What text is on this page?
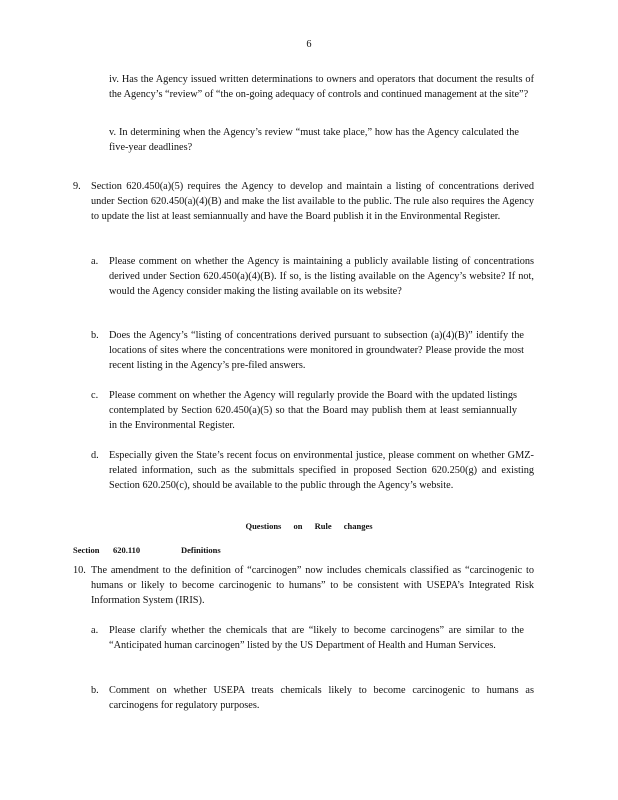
6

iv. Has the Agency issued written determinations to owners and operators that document the results of the Agency’s “review” of “the on-going adequacy of controls and continued management at the site”?

v. In determining when the Agency’s review “must take place,” how has the Agency calculated the five-year deadlines?

9. Section 620.450(a)(5) requires the Agency to develop and maintain a listing of concentrations derived under Section 620.450(a)(4)(B) and make the list available to the public. The rule also requires the Agency to update the list at least semiannually and have the Board publish it in the Environmental Register.

a. Please comment on whether the Agency is maintaining a publicly available listing of concentrations derived under Section 620.450(a)(4)(B). If so, is the listing available on the Agency’s website? If not, would the Agency consider making the listing available on its website?

b. Does the Agency’s “listing of concentrations derived pursuant to subsection (a)(4)(B)” identify the locations of sites where the concentrations were monitored in groundwater? Please provide the most recent listing in the Agency’s pre-filed answers.

c. Please comment on whether the Agency will regularly provide the Board with the updated listings contemplated by Section 620.450(a)(5) so that the Board may publish them at least semiannually in the Environmental Register.

d. Especially given the State’s recent focus on environmental justice, please comment on whether GMZ-related information, such as the submittals specified in proposed Section 620.250(g) and existing Section 620.250(c), should be available to the public through the Agency’s website.

Questions on Rule changes
Section 620.110	Definitions
10. The amendment to the definition of “carcinogen” now includes chemicals classified as “carcinogenic to humans or likely to become carcinogenic to humans” to be consistent with USEPA’s Integrated Risk Information System (IRIS).

a. Please clarify whether the chemicals that are “likely to become carcinogens” are similar to the “Anticipated human carcinogen” listed by the US Department of Health and Human Services.

b. Comment on whether USEPA treats chemicals likely to become carcinogenic to humans as carcinogens for regulatory purposes.
